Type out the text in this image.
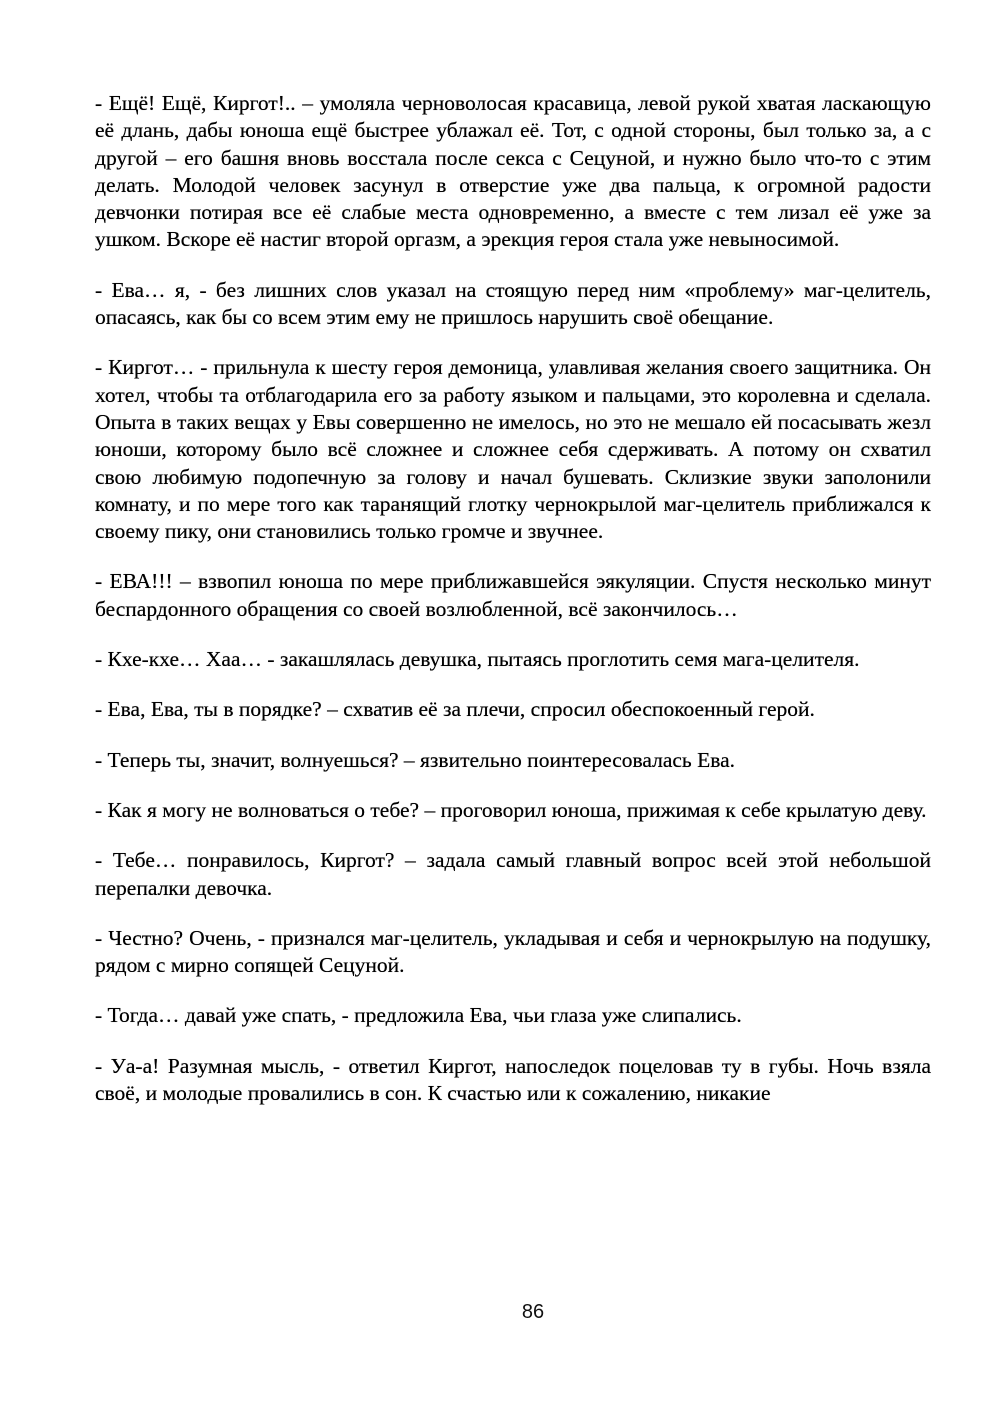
- Ещё! Ещё, Киргот!.. – умоляла черноволосая красавица, левой рукой хватая ласкающую её длань, дабы юноша ещё быстрее ублажал её. Тот, с одной стороны, был только за, а с другой – его башня вновь восстала после секса с Сецуной, и нужно было что-то с этим делать. Молодой человек засунул в отверстие уже два пальца, к огромной радости девчонки потирая все её слабые места одновременно, а вместе с тем лизал её уже за ушком. Вскоре её настиг второй оргазм, а эрекция героя стала уже невыносимой.

- Ева… я, - без лишних слов указал на стоящую перед ним «проблему» маг-целитель, опасаясь, как бы со всем этим ему не пришлось нарушить своё обещание.

- Киргот… - прильнула к шесту героя демоница, улавливая желания своего защитника. Он хотел, чтобы та отблагодарила его за работу языком и пальцами, это королевна и сделала. Опыта в таких вещах у Евы совершенно не имелось, но это не мешало ей посасывать жезл юноши, которому было всё сложнее и сложнее себя сдерживать. А потому он схватил свою любимую подопечную за голову и начал бушевать. Склизкие звуки заполонили комнату, и по мере того как таранящий глотку чернокрылой маг-целитель приближался к своему пику, они становились только громче и звучнее.

- ЕВА!!! – взвопил юноша по мере приближавшейся эякуляции. Спустя несколько минут беспардонного обращения со своей возлюбленной, всё закончилось…

- Кхе-кхе… Хаа… - закашлялась девушка, пытаясь проглотить семя мага-целителя.

- Ева, Ева, ты в порядке? – схватив её за плечи, спросил обеспокоенный герой.

- Теперь ты, значит, волнуешься? – язвительно поинтересовалась Ева.

- Как я могу не волноваться о тебе? – проговорил юноша, прижимая к себе крылатую деву.

- Тебе… понравилось, Киргот? – задала самый главный вопрос всей этой небольшой перепалки девочка.

- Честно? Очень, - признался маг-целитель, укладывая и себя и чернокрылую на подушку, рядом с мирно сопящей Сецуной.

- Тогда… давай уже спать, - предложила Ева, чьи глаза уже слипались.

- Уа-а! Разумная мысль, - ответил Киргот, напоследок поцеловав ту в губы. Ночь взяла своё, и молодые провалились в сон. К счастью или к сожалению, никакие

86
